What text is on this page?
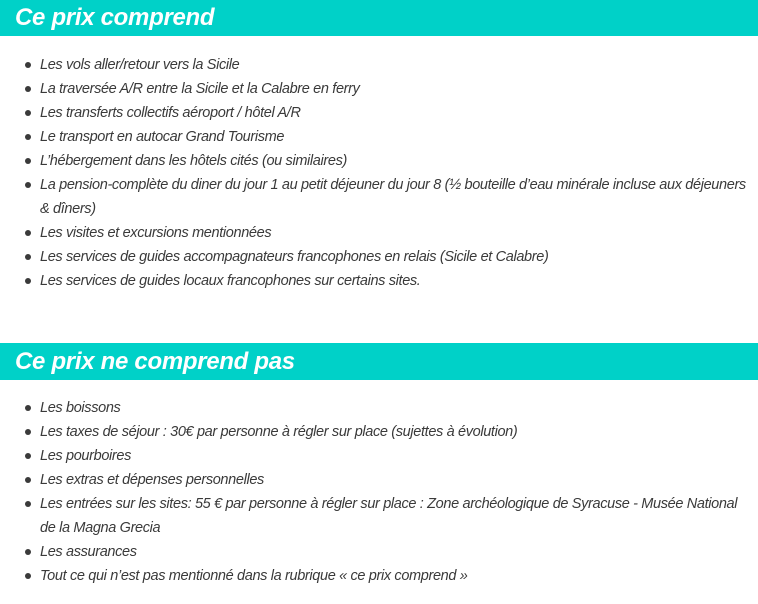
Ce prix comprend
Les vols aller/retour vers la Sicile
La traversée A/R entre la Sicile et la Calabre en ferry
Les transferts collectifs aéroport / hôtel A/R
Le transport en autocar Grand Tourisme
L’hébergement dans les hôtels cités (ou similaires)
La pension-complète du diner du jour 1 au petit déjeuner du jour 8 (½ bouteille d’eau minérale incluse aux déjeuners & dîners)
Les visites et excursions mentionnées
Les services de guides accompagnateurs francophones en relais (Sicile et Calabre)
Les services de guides locaux francophones sur certains sites.
Ce prix ne comprend pas
Les boissons
Les taxes de séjour : 30€ par personne à régler sur place (sujettes à évolution)
Les pourboires
Les extras et dépenses personnelles
Les entrées sur les sites: 55 € par personne à régler sur place : Zone archéologique de Syracuse - Musée National de la Magna Grecia
Les assurances
Tout ce qui n’est pas mentionné dans la rubrique « ce prix comprend »
